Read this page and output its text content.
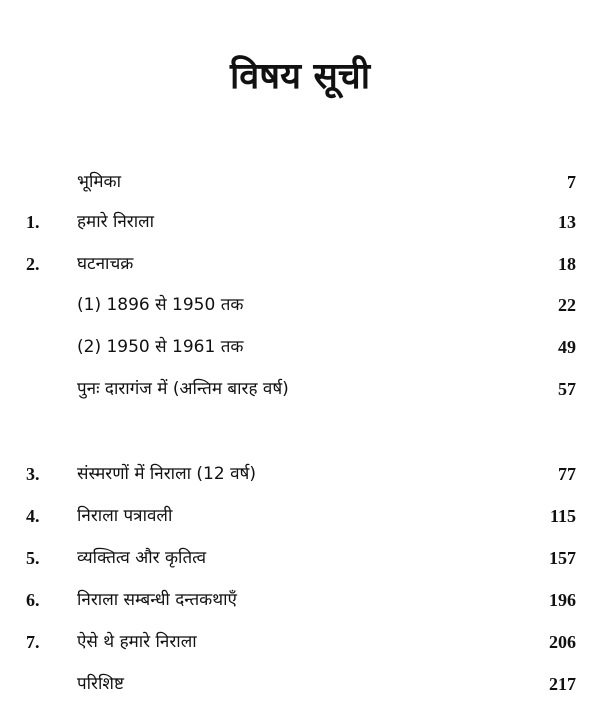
विषय सूची
भूमिका	7
1. हमारे निराला	13
2. घटनाचक्र	18
(1) 1896 से 1950 तक	22
(2) 1950 से 1961 तक	49
पुनः दारागंज में (अन्तिम बारह वर्ष)	57
3. संस्मरणों में निराला (12 वर्ष)	77
4. निराला पत्रावली	115
5. व्यक्तित्व और कृतित्व	157
6. निराला सम्बन्धी दन्तकथाएँ	196
7. ऐसे थे हमारे निराला	206
परिशिष्ट	217
